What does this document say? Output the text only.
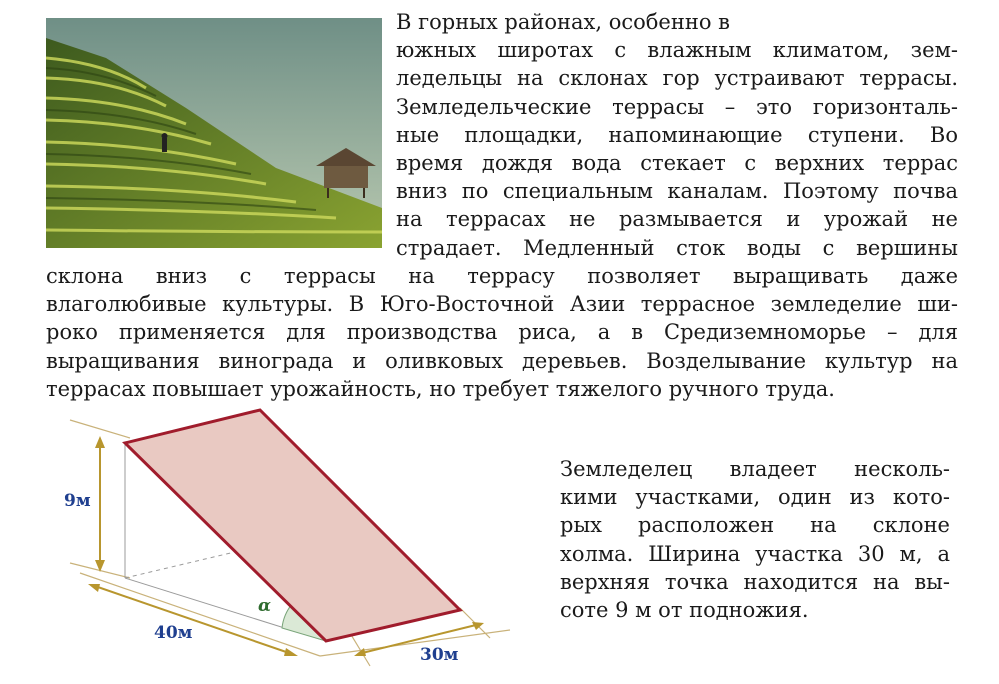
В горных районах, особенно в
южных широтах с влажным климатом, зем-
ледельцы на склонах гор устраивают террасы.
Земледельческие террасы – это горизонталь-
ные площадки, напоминающие ступени. Во
время дождя вода стекает с верхних террас
вниз по специальным каналам. Поэтому почва
на террасах не размывается и урожай не
страдает. Медленный сток воды с вершины
склона вниз с террасы на террасу позволяет выращивать даже
влаголюбивые культуры. В Юго-Восточной Азии террасное земледелие ши-
роко применяется для производства риса, а в Средиземноморье – для
выращивания винограда и оливковых деревьев. Возделывание культур на
террасах повышает урожайность, но требует тяжелого ручного труда.
9м
40м
30м
α
Земледелец владеет несколь-
кими участками, один из кото-
рых расположен на склоне
холма. Ширина участка 30 м, а
верхняя точка находится на вы-
соте 9 м от подножия.
